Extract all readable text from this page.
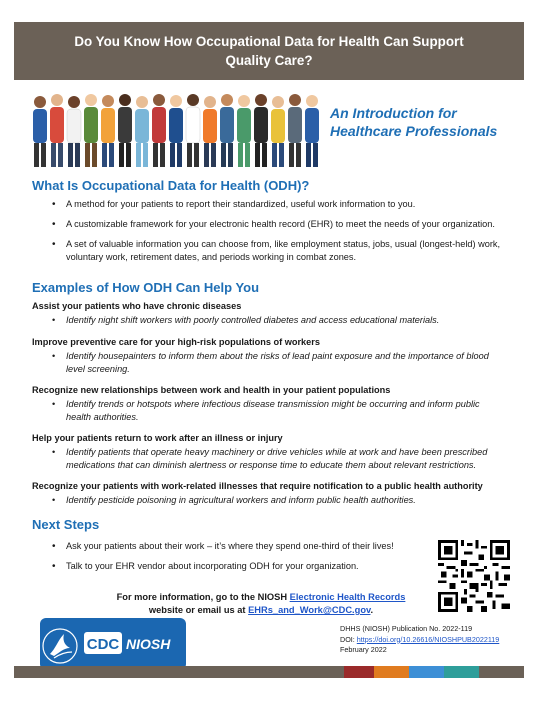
Do You Know How Occupational Data for Health Can Support
Quality Care?
An Introduction for
Healthcare Professionals
What Is Occupational Data for Health (ODH)?
• A method for your patients to report their standardized, useful work information to you.
• A customizable framework for your electronic health record (EHR) to meet the needs of your organization.
• A set of valuable information you can choose from, like employment status, jobs, usual (longest-held) work, voluntary work, retirement dates, and periods working in combat zones.
Examples of How ODH Can Help You
Assist your patients who have chronic diseases
• Identify night shift workers with poorly controlled diabetes and access educational materials.
Improve preventive care for your high-risk populations of workers
• Identify housepainters to inform them about the risks of lead paint exposure and the importance of blood level screening.
Recognize new relationships between work and health in your patient populations
• Identify trends or hotspots where infectious disease transmission might be occurring and inform public health authorities.
Help your patients return to work after an illness or injury
• Identify patients that operate heavy machinery or drive vehicles while at work and have been prescribed medications that can diminish alertness or response time to educate them about relevant restrictions.
Recognize your patients with work-related illnesses that require notification to a public health authority
• Identify pesticide poisoning in agricultural workers and inform public health authorities.
Next Steps
• Ask your patients about their work – it’s where they spend one-third of their lives!
• Talk to your EHR vendor about incorporating ODH for your organization.
For more information, go to the NIOSH Electronic Health Records
website or email us at EHRs_and_Work@CDC.gov.
CDC NIOSH
DHHS (NIOSH) Publication No. 2022-119
DOI: https://doi.org/10.26616/NIOSHPUB2022119
February 2022
